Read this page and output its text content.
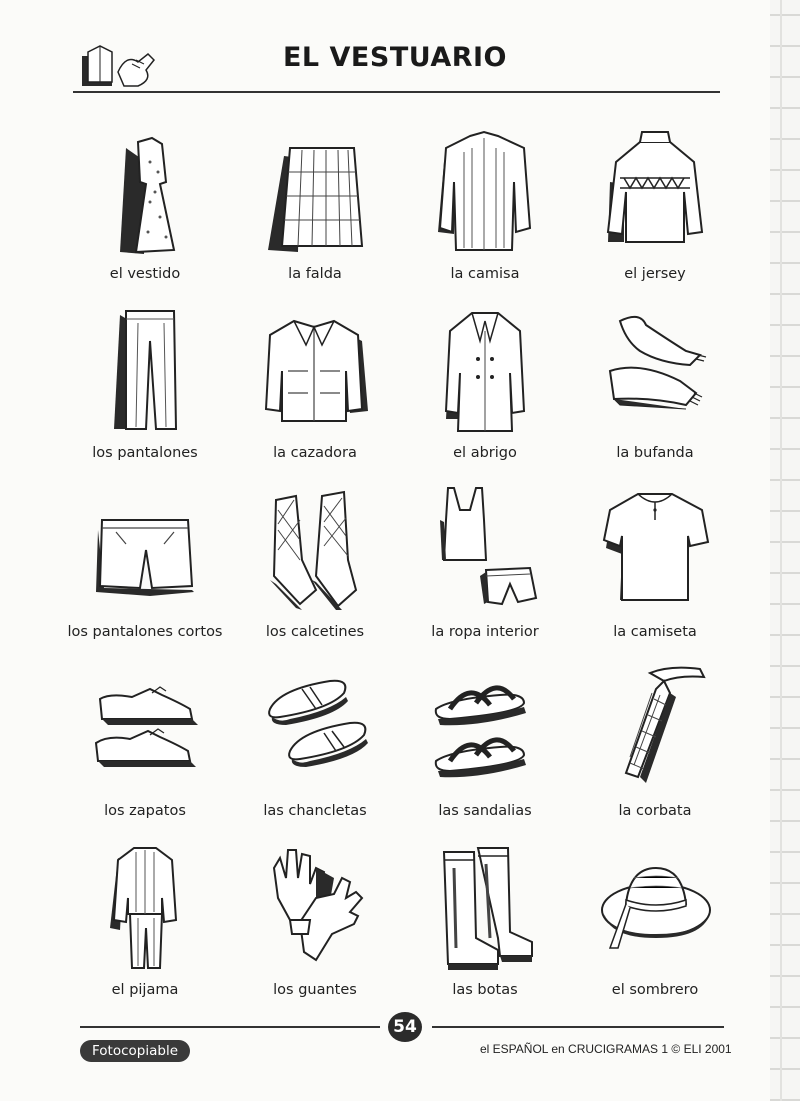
EL VESTUARIO
el vestido	la falda	la camisa	el jersey
los pantalones	la cazadora	el abrigo	la bufanda
los pantalones cortos	los calcetines	la ropa interior	la camiseta
los zapatos	las chancletas	las sandalias	la corbata
el pijama	los guantes	las botas	el sombrero
54
Fotocopiable	el ESPAÑOL en CRUCIGRAMAS 1 © ELI 2001
